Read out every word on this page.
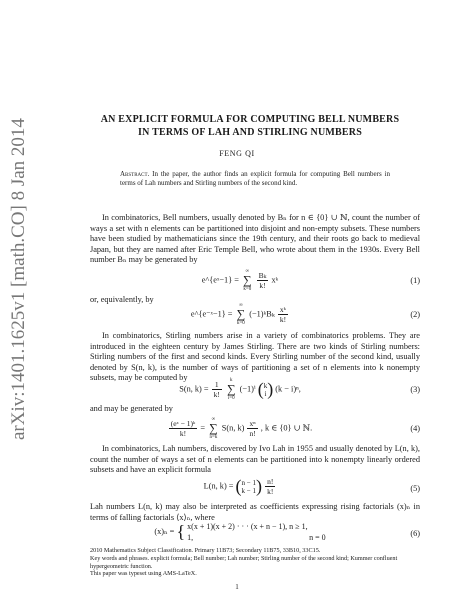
arXiv:1401.1625v1 [math.CO] 8 Jan 2014	AN EXPLICIT FORMULA FOR COMPUTING BELL NUMBERS
IN TERMS OF LAH AND STIRLING NUMBERS
FENG QI
Abstract. In the paper, the author finds an explicit formula for computing Bell numbers in terms of Lah numbers and Stirling numbers of the second kind.
In combinatorics, Bell numbers, usually denoted by Bₙ for n ∈ {0} ∪ ℕ, count the number of ways a set with n elements can be partitioned into disjoint and non-empty subsets. These numbers have been studied by mathematicians since the 19th century, and their roots go back to medieval Japan, but they are named after Eric Temple Bell, who wrote about them in the 1930s. Every Bell number Bₙ may be generated by
e^{eˣ−1} =
∞
∑
k=0
$\frac{\text{Bₖ}}{k!}$ xᵏ	(1)
or, equivalently, by
e^{e⁻ˣ−1} =
∞
∑
k=0
(−1)ᵏBₖ $\frac{\text{xᵏ}}{k!}$	(2)
In combinatorics, Stirling numbers arise in a variety of combinatorics problems. They are introduced in the eighteen century by James Stirling. There are two kinds of Stirling numbers: Stirling numbers of the first and second kinds. Every Stirling number of the second kind, usually denoted by S(n, k), is the number of ways of partitioning a set of n elements into k nonempty subsets, may be computed by
S(n, $k) = \frac{1}{k!}$
	k
∑
i=0
(−1)ⁱ (k
i) (k − i)ⁿ,	(3)
and may be generated by
$\frac{\text{(eˣ − 1)ᵏ}}{k!}$ =
∞
∑
n=k
S(n, $k) \frac{\text{xⁿ}}{n!}$ , k ∈ {0} ∪ ℕ.	(4)
In combinatorics, Lah numbers, discovered by Ivo Lah in 1955 and usually denoted by L(n, k), count the number of ways a set of n elements can be partitioned into k nonempty linearly ordered subsets and have an explicit formula
L(n, k) = (n − 1
$k - 1) \frac{n!}{k!}$	(5)
Lah numbers L(n, k) may also be interpreted as coefficients expressing rising factorials (x)ₙ in terms of falling factorials ⟨x⟩ₙ, where
(x)ₙ = { x(x + 1)(x + 2) · · · (x + n − 1), n ≥ 1,
1,                                                          n = 0	(6)
2010 Mathematics Subject Classification. Primary 11B73; Secondary 11B75, 33B10, 33C15.
Key words and phrases. explicit formula; Bell number; Lah number; Stirling number of the second kind; Kummer confluent hypergeometric function.
This paper was typeset using AMS-LaTeX.
1
